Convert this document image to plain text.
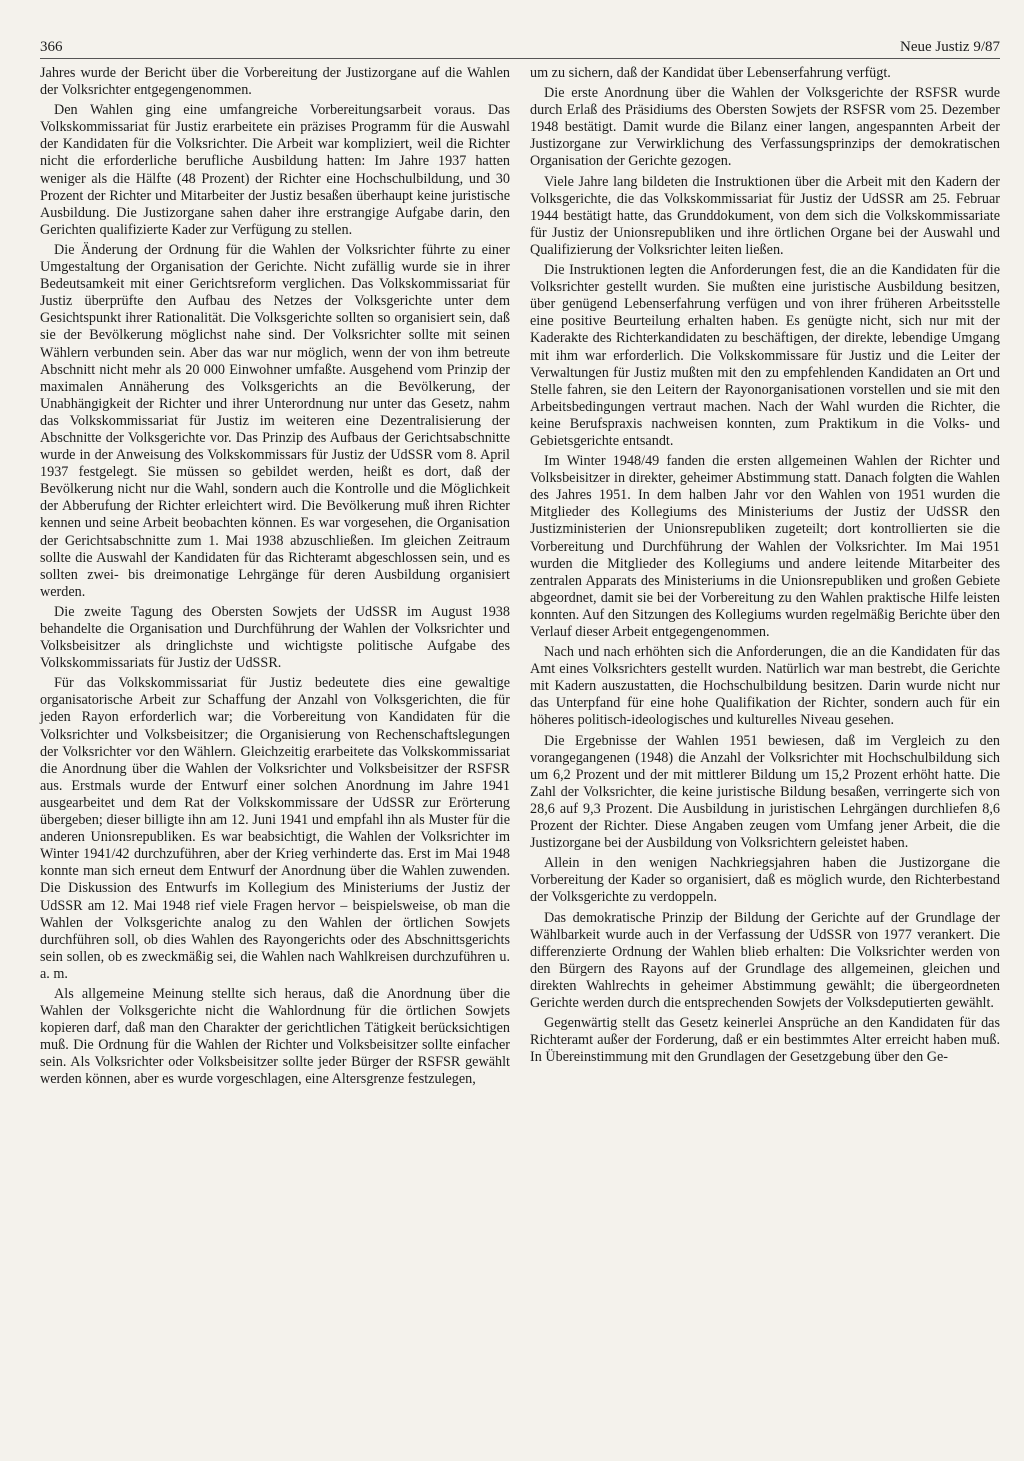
366	Neue Justiz 9/87

Jahres wurde der Bericht über die Vorbereitung der Justizorgane auf die Wahlen der Volksrichter entgegengenommen.

Den Wahlen ging eine umfangreiche Vorbereitungsarbeit voraus. Das Volkskommissariat für Justiz erarbeitete ein präzises Programm für die Auswahl der Kandidaten für die Volksrichter. Die Arbeit war kompliziert, weil die Richter nicht die erforderliche berufliche Ausbildung hatten: Im Jahre 1937 hatten weniger als die Hälfte (48 Prozent) der Richter eine Hochschulbildung, und 30 Prozent der Richter und Mitarbeiter der Justiz besaßen überhaupt keine juristische Ausbildung. Die Justizorgane sahen daher ihre erstrangige Aufgabe darin, den Gerichten qualifizierte Kader zur Verfügung zu stellen.

Die Änderung der Ordnung für die Wahlen der Volksrichter führte zu einer Umgestaltung der Organisation der Gerichte. Nicht zufällig wurde sie in ihrer Bedeutsamkeit mit einer Gerichtsreform verglichen. Das Volkskommissariat für Justiz überprüfte den Aufbau des Netzes der Volksgerichte unter dem Gesichtspunkt ihrer Rationalität. Die Volksgerichte sollten so organisiert sein, daß sie der Bevölkerung möglichst nahe sind. Der Volksrichter sollte mit seinen Wählern verbunden sein. Aber das war nur möglich, wenn der von ihm betreute Abschnitt nicht mehr als 20 000 Einwohner umfaßte. Ausgehend vom Prinzip der maximalen Annäherung des Volksgerichts an die Bevölkerung, der Unabhängigkeit der Richter und ihrer Unterordnung nur unter das Gesetz, nahm das Volkskommissariat für Justiz im weiteren eine Dezentralisierung der Abschnitte der Volksgerichte vor. Das Prinzip des Aufbaus der Gerichtsabschnitte wurde in der Anweisung des Volkskommissars für Justiz der UdSSR vom 8. April 1937 festgelegt. Sie müssen so gebildet werden, heißt es dort, daß der Bevölkerung nicht nur die Wahl, sondern auch die Kontrolle und die Möglichkeit der Abberufung der Richter erleichtert wird. Die Bevölkerung muß ihren Richter kennen und seine Arbeit beobachten können. Es war vorgesehen, die Organisation der Gerichtsabschnitte zum 1. Mai 1938 abzuschließen. Im gleichen Zeitraum sollte die Auswahl der Kandidaten für das Richteramt abgeschlossen sein, und es sollten zwei- bis dreimonatige Lehrgänge für deren Ausbildung organisiert werden.

Die zweite Tagung des Obersten Sowjets der UdSSR im August 1938 behandelte die Organisation und Durchführung der Wahlen der Volksrichter und Volksbeisitzer als dringlichste und wichtigste politische Aufgabe des Volkskommissariats für Justiz der UdSSR.

Für das Volkskommissariat für Justiz bedeutete dies eine gewaltige organisatorische Arbeit zur Schaffung der Anzahl von Volksgerichten, die für jeden Rayon erforderlich war; die Vorbereitung von Kandidaten für die Volksrichter und Volksbeisitzer; die Organisierung von Rechenschaftslegungen der Volksrichter vor den Wählern. Gleichzeitig erarbeitete das Volkskommissariat die Anordnung über die Wahlen der Volksrichter und Volksbeisitzer der RSFSR aus. Erstmals wurde der Entwurf einer solchen Anordnung im Jahre 1941 ausgearbeitet und dem Rat der Volkskommissare der UdSSR zur Erörterung übergeben; dieser billigte ihn am 12. Juni 1941 und empfahl ihn als Muster für die anderen Unionsrepubliken. Es war beabsichtigt, die Wahlen der Volksrichter im Winter 1941/42 durchzuführen, aber der Krieg verhinderte das. Erst im Mai 1948 konnte man sich erneut dem Entwurf der Anordnung über die Wahlen zuwenden. Die Diskussion des Entwurfs im Kollegium des Ministeriums der Justiz der UdSSR am 12. Mai 1948 rief viele Fragen hervor – beispielsweise, ob man die Wahlen der Volksgerichte analog zu den Wahlen der örtlichen Sowjets durchführen soll, ob dies Wahlen des Rayongerichts oder des Abschnittsgerichts sein sollen, ob es zweckmäßig sei, die Wahlen nach Wahlkreisen durchzuführen u. a. m.

Als allgemeine Meinung stellte sich heraus, daß die Anordnung über die Wahlen der Volksgerichte nicht die Wahlordnung für die örtlichen Sowjets kopieren darf, daß man den Charakter der gerichtlichen Tätigkeit berücksichtigen muß. Die Ordnung für die Wahlen der Richter und Volksbeisitzer sollte einfacher sein. Als Volksrichter oder Volksbeisitzer sollte jeder Bürger der RSFSR gewählt werden können, aber es wurde vorgeschlagen, eine Altersgrenze festzulegen,

um zu sichern, daß der Kandidat über Lebenserfahrung verfügt.

Die erste Anordnung über die Wahlen der Volksgerichte der RSFSR wurde durch Erlaß des Präsidiums des Obersten Sowjets der RSFSR vom 25. Dezember 1948 bestätigt. Damit wurde die Bilanz einer langen, angespannten Arbeit der Justizorgane zur Verwirklichung des Verfassungsprinzips der demokratischen Organisation der Gerichte gezogen.

Viele Jahre lang bildeten die Instruktionen über die Arbeit mit den Kadern der Volksgerichte, die das Volkskommissariat für Justiz der UdSSR am 25. Februar 1944 bestätigt hatte, das Grunddokument, von dem sich die Volkskommissariate für Justiz der Unionsrepubliken und ihre örtlichen Organe bei der Auswahl und Qualifizierung der Volksrichter leiten ließen.

Die Instruktionen legten die Anforderungen fest, die an die Kandidaten für die Volksrichter gestellt wurden. Sie mußten eine juristische Ausbildung besitzen, über genügend Lebenserfahrung verfügen und von ihrer früheren Arbeitsstelle eine positive Beurteilung erhalten haben. Es genügte nicht, sich nur mit der Kaderakte des Richterkandidaten zu beschäftigen, der direkte, lebendige Umgang mit ihm war erforderlich. Die Volkskommissare für Justiz und die Leiter der Verwaltungen für Justiz mußten mit den zu empfehlenden Kandidaten an Ort und Stelle fahren, sie den Leitern der Rayonorganisationen vorstellen und sie mit den Arbeitsbedingungen vertraut machen. Nach der Wahl wurden die Richter, die keine Berufspraxis nachweisen konnten, zum Praktikum in die Volks- und Gebietsgerichte entsandt.

Im Winter 1948/49 fanden die ersten allgemeinen Wahlen der Richter und Volksbeisitzer in direkter, geheimer Abstimmung statt. Danach folgten die Wahlen des Jahres 1951. In dem halben Jahr vor den Wahlen von 1951 wurden die Mitglieder des Kollegiums des Ministeriums der Justiz der UdSSR den Justizministerien der Unionsrepubliken zugeteilt; dort kontrollierten sie die Vorbereitung und Durchführung der Wahlen der Volksrichter. Im Mai 1951 wurden die Mitglieder des Kollegiums und andere leitende Mitarbeiter des zentralen Apparats des Ministeriums in die Unionsrepubliken und großen Gebiete abgeordnet, damit sie bei der Vorbereitung zu den Wahlen praktische Hilfe leisten konnten. Auf den Sitzungen des Kollegiums wurden regelmäßig Berichte über den Verlauf dieser Arbeit entgegengenommen.

Nach und nach erhöhten sich die Anforderungen, die an die Kandidaten für das Amt eines Volksrichters gestellt wurden. Natürlich war man bestrebt, die Gerichte mit Kadern auszustatten, die Hochschulbildung besitzen. Darin wurde nicht nur das Unterpfand für eine hohe Qualifikation der Richter, sondern auch für ein höheres politisch-ideologisches und kulturelles Niveau gesehen.

Die Ergebnisse der Wahlen 1951 bewiesen, daß im Vergleich zu den vorangegangenen (1948) die Anzahl der Volksrichter mit Hochschulbildung sich um 6,2 Prozent und der mit mittlerer Bildung um 15,2 Prozent erhöht hatte. Die Zahl der Volksrichter, die keine juristische Bildung besaßen, verringerte sich von 28,6 auf 9,3 Prozent. Die Ausbildung in juristischen Lehrgängen durchliefen 8,6 Prozent der Richter. Diese Angaben zeugen vom Umfang jener Arbeit, die die Justizorgane bei der Ausbildung von Volksrichtern geleistet haben.

Allein in den wenigen Nachkriegsjahren haben die Justizorgane die Vorbereitung der Kader so organisiert, daß es möglich wurde, den Richterbestand der Volksgerichte zu verdoppeln.

Das demokratische Prinzip der Bildung der Gerichte auf der Grundlage der Wählbarkeit wurde auch in der Verfassung der UdSSR von 1977 verankert. Die differenzierte Ordnung der Wahlen blieb erhalten: Die Volksrichter werden von den Bürgern des Rayons auf der Grundlage des allgemeinen, gleichen und direkten Wahlrechts in geheimer Abstimmung gewählt; die übergeordneten Gerichte werden durch die entsprechenden Sowjets der Volksdeputierten gewählt.

Gegenwärtig stellt das Gesetz keinerlei Ansprüche an den Kandidaten für das Richteramt außer der Forderung, daß er ein bestimmtes Alter erreicht haben muß. In Übereinstimmung mit den Grundlagen der Gesetzgebung über den Ge-
